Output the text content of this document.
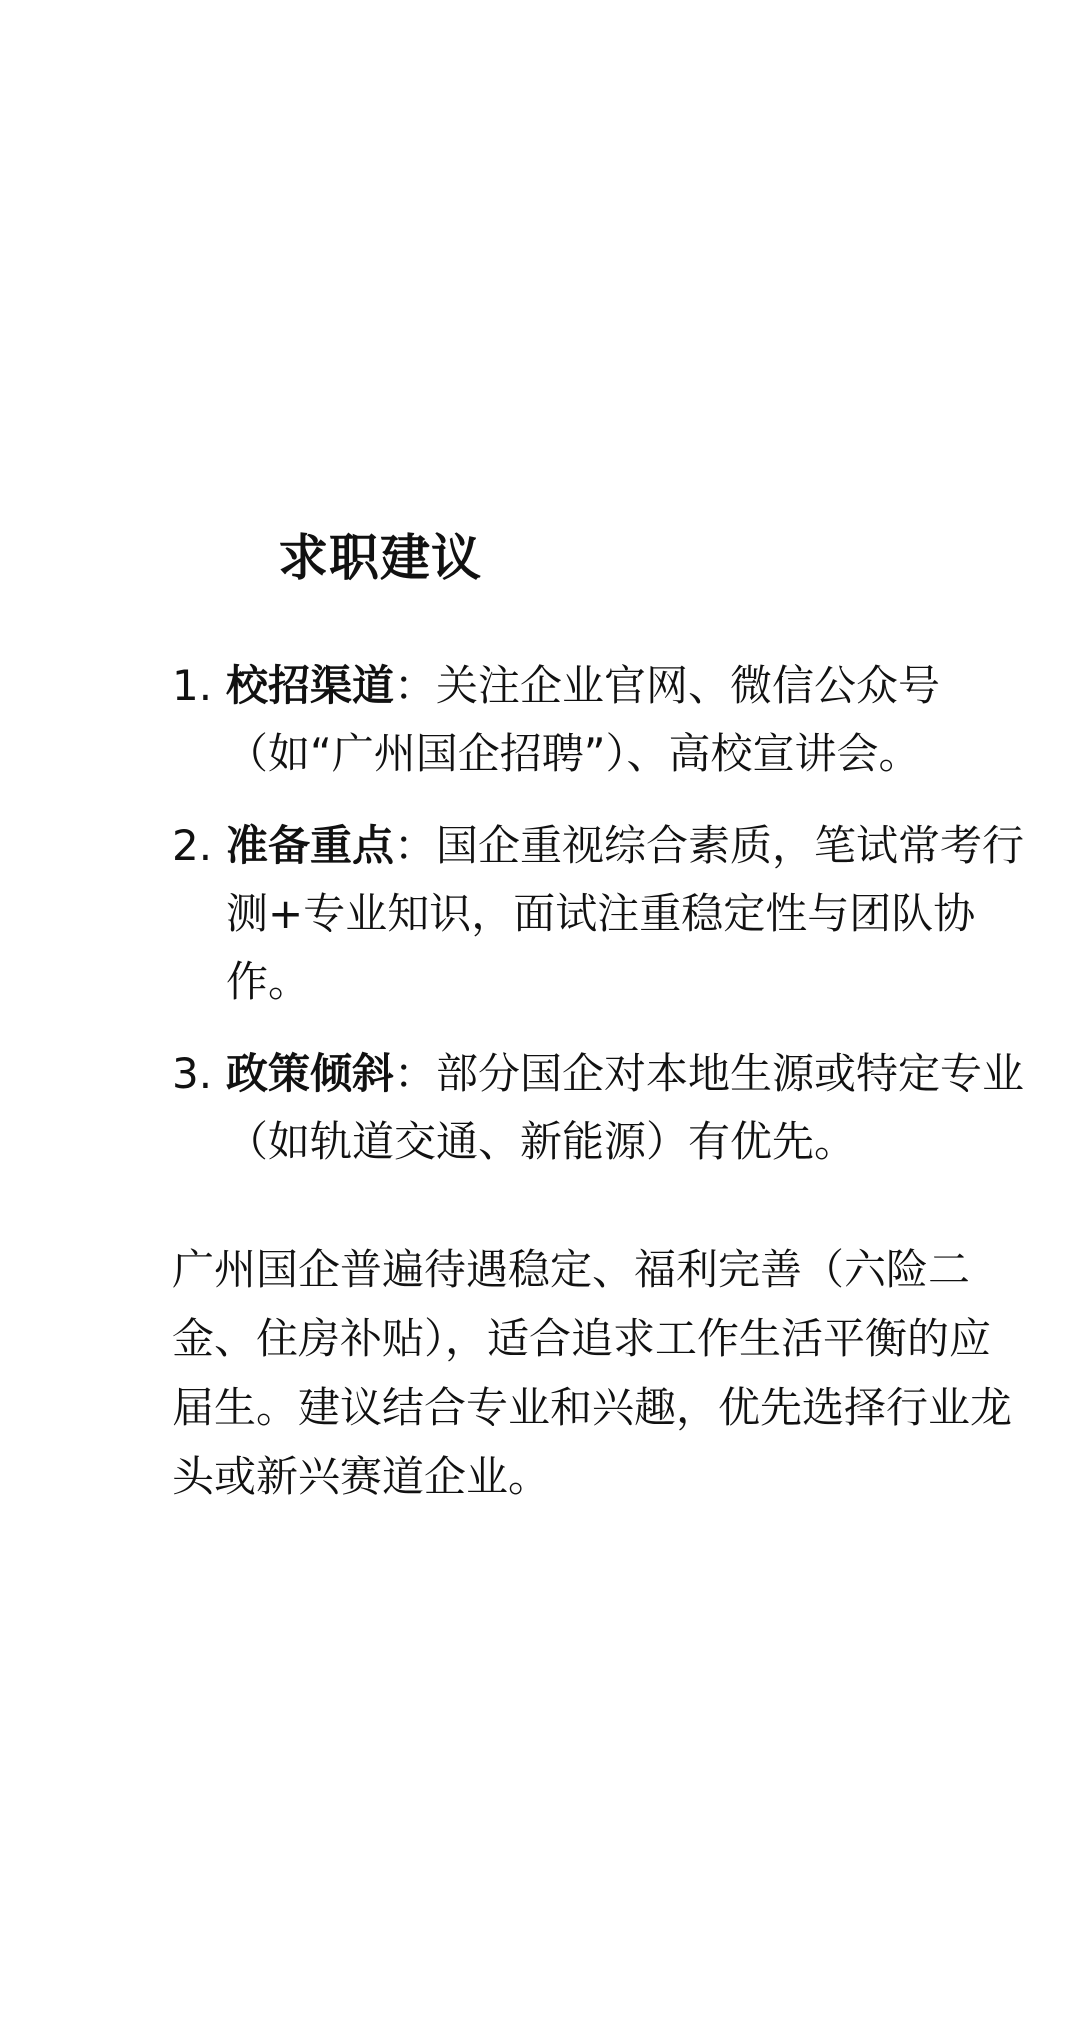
求职建议
1. 校招渠道：关注企业官网、微信公众号（如“广州国企招聘”）、高校宣讲会。
2. 准备重点：国企重视综合素质，笔试常考行测+专业知识，面试注重稳定性与团队协作。
3. 政策倾斜：部分国企对本地生源或特定专业（如轨道交通、新能源）有优先。

广州国企普遍待遇稳定、福利完善（六险二金、住房补贴），适合追求工作生活平衡的应届生。建议结合专业和兴趣，优先选择行业龙头或新兴赛道企业。
